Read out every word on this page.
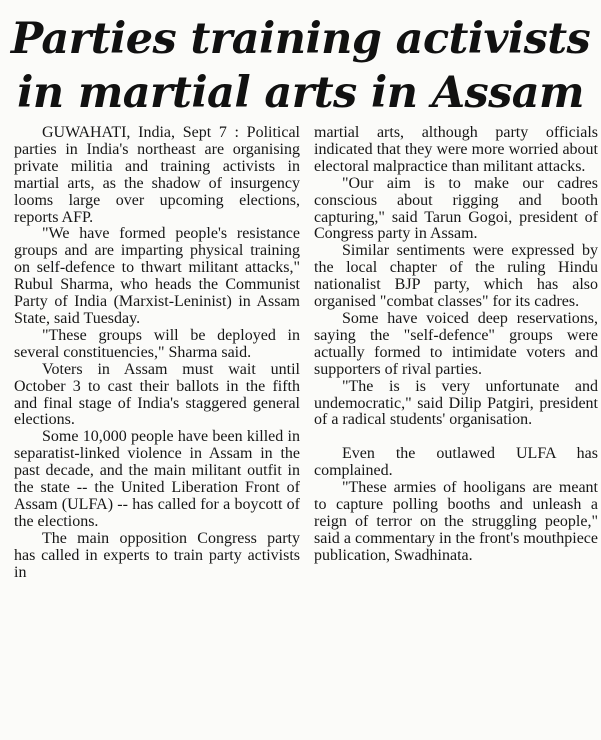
Parties training activists
in martial arts in Assam

GUWAHATI, India, Sept 7 : Political parties in India's northeast are organising private militia and training activists in martial arts, as the shadow of insurgency looms large over upcoming elections, reports AFP.

"We have formed people's resistance groups and are imparting physical training on self-defence to thwart militant attacks," Rubul Sharma, who heads the Communist Party of India (Marxist-Leninist) in Assam State, said Tuesday.

"These groups will be deployed in several constituencies," Sharma said.

Voters in Assam must wait until October 3 to cast their ballots in the fifth and final stage of India's staggered general elections.

Some 10,000 people have been killed in separatist-linked violence in Assam in the past decade, and the main militant outfit in the state -- the United Liberation Front of Assam (ULFA) -- has called for a boycott of the elections.

The main opposition Congress party has called in experts to train party activists in

martial arts, although party officials indicated that they were more worried about electoral malpractice than militant attacks.

"Our aim is to make our cadres conscious about rigging and booth capturing," said Tarun Gogoi, president of Congress party in Assam.

Similar sentiments were expressed by the local chapter of the ruling Hindu nationalist BJP party, which has also organised "combat classes" for its cadres.

Some have voiced deep reservations, saying the "self-defence" groups were actually formed to intimidate voters and supporters of rival parties.

"The is is very unfortunate and undemocratic," said Dilip Patgiri, president of a radical students' organisation.

Even the outlawed ULFA has complained.

"These armies of hooligans are meant to capture polling booths and unleash a reign of terror on the struggling people," said a commentary in the front's mouthpiece publication, Swadhinata.
